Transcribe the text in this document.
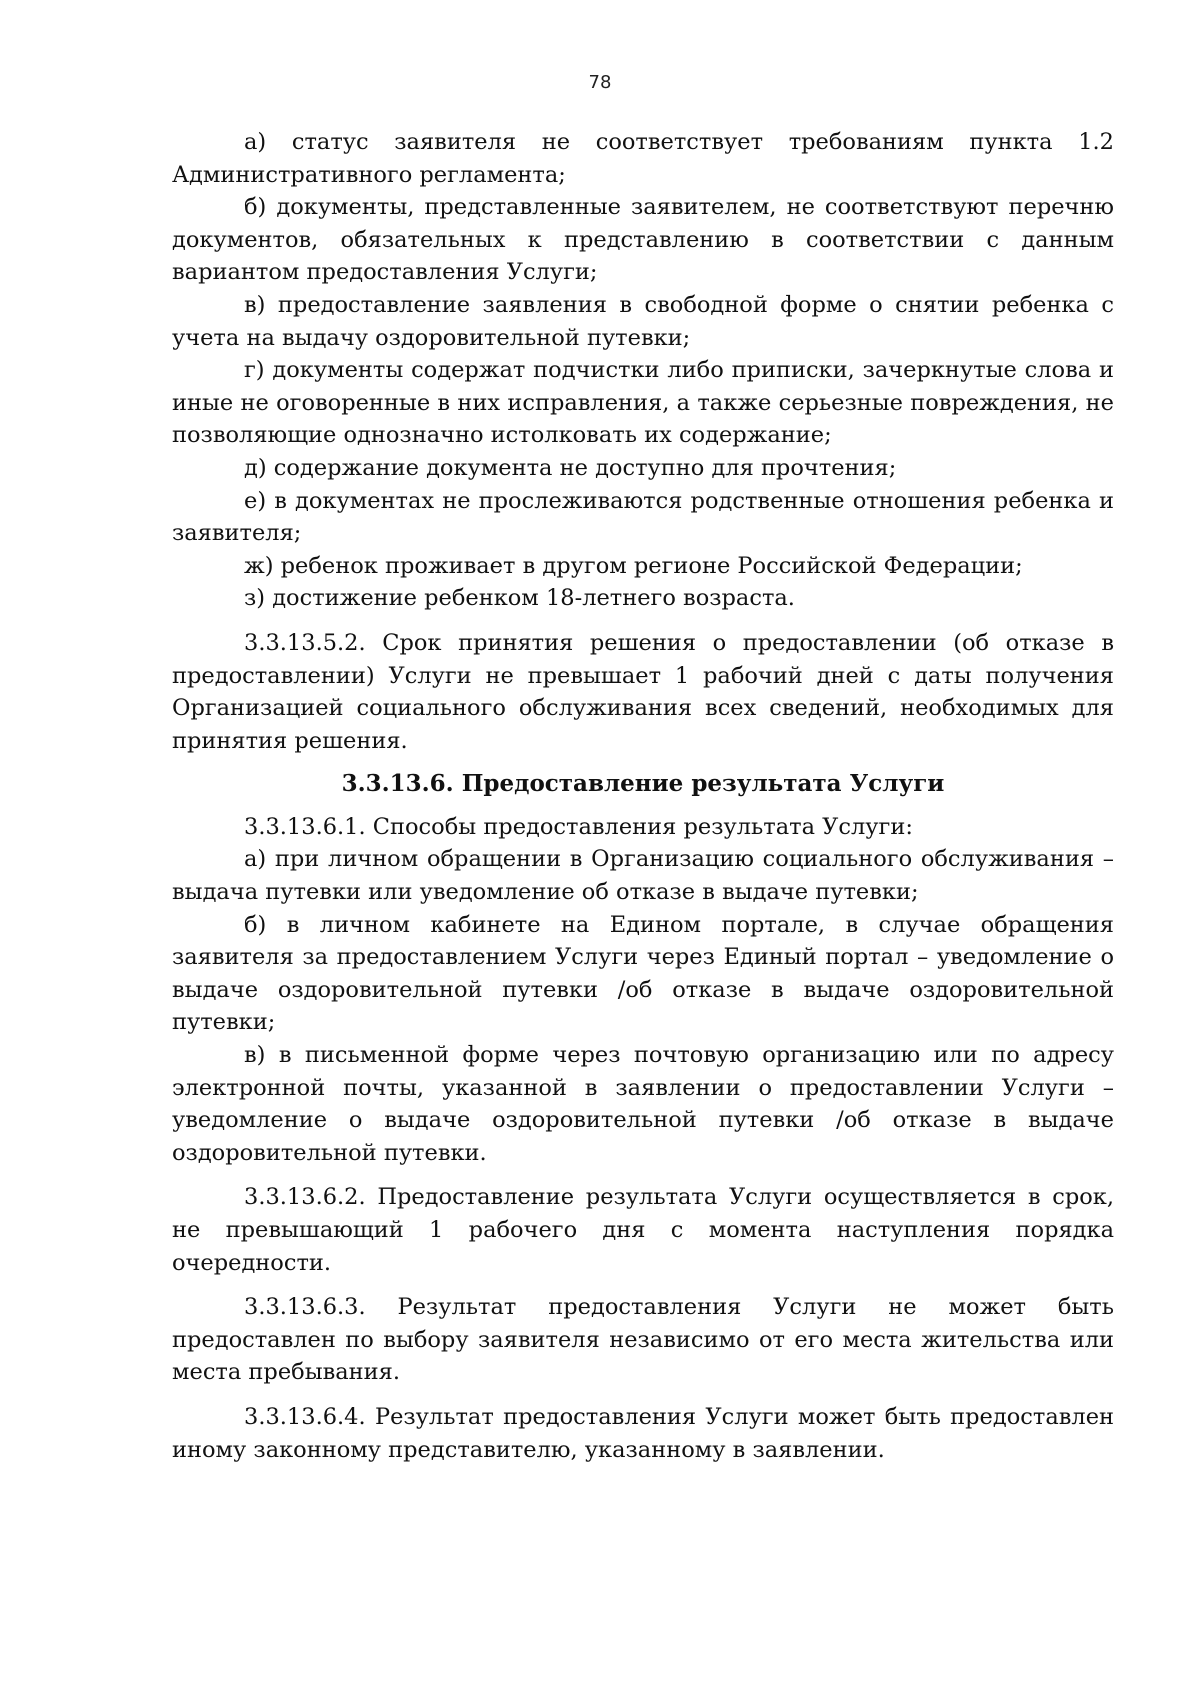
78

а) статус заявителя не соответствует требованиям пункта 1.2 Административного регламента;

б) документы, представленные заявителем, не соответствуют перечню документов, обязательных к представлению в соответствии с данным вариантом предоставления Услуги;

в) предоставление заявления в свободной форме о снятии ребенка с учета на выдачу оздоровительной путевки;

г) документы содержат подчистки либо приписки, зачеркнутые слова и иные не оговоренные в них исправления, а также серьезные повреждения, не позволяющие однозначно истолковать их содержание;

д) содержание документа не доступно для прочтения;

е) в документах не прослеживаются родственные отношения ребенка и заявителя;

ж) ребенок проживает в другом регионе Российской Федерации;

з) достижение ребенком 18-летнего возраста.

3.3.13.5.2. Срок принятия решения о предоставлении (об отказе в предоставлении) Услуги не превышает 1 рабочий дней с даты получения Организацией социального обслуживания всех сведений, необходимых для принятия решения.

3.3.13.6. Предоставление результата Услуги

3.3.13.6.1. Способы предоставления результата Услуги:

а) при личном обращении в Организацию социального обслуживания – выдача путевки или уведомление об отказе в выдаче путевки;

б) в личном кабинете на Едином портале, в случае обращения заявителя за предоставлением Услуги через Единый портал – уведомление о выдаче оздоровительной путевки /об отказе в выдаче оздоровительной путевки;

в) в письменной форме через почтовую организацию или по адресу электронной почты, указанной в заявлении о предоставлении Услуги – уведомление о выдаче оздоровительной путевки /об отказе в выдаче оздоровительной путевки.

3.3.13.6.2. Предоставление результата Услуги осуществляется в срок, не превышающий 1 рабочего дня с момента наступления порядка очередности.

3.3.13.6.3. Результат предоставления Услуги не может быть предоставлен по выбору заявителя независимо от его места жительства или места пребывания.

3.3.13.6.4. Результат предоставления Услуги может быть предоставлен иному законному представителю, указанному в заявлении.
